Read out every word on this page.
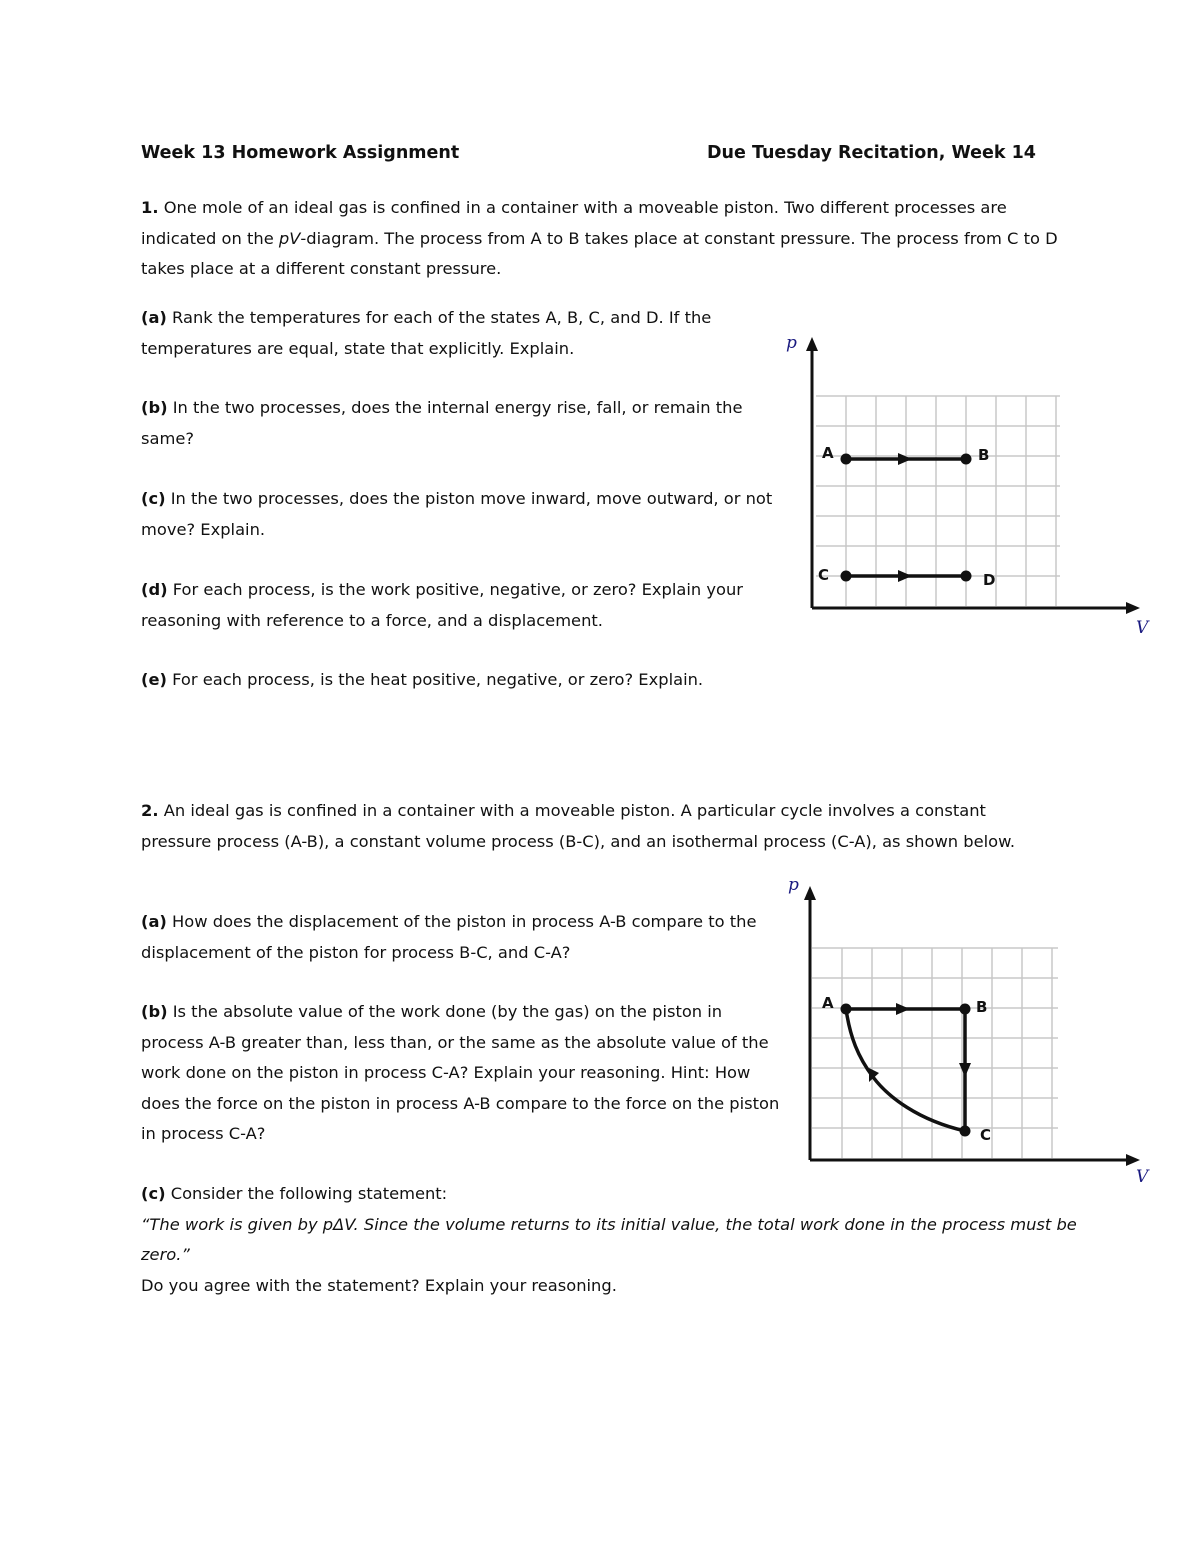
Week 13 Homework Assignment	Due Tuesday Recitation, Week 14
1. One mole of an ideal gas is confined in a container with a moveable piston. Two different processes are indicated on the pV-diagram. The process from A to B takes place at constant pressure. The process from C to D takes place at a different constant pressure.
(a) Rank the temperatures for each of the states A, B, C, and D. If the temperatures are equal, state that explicitly. Explain.
(b) In the two processes, does the internal energy rise, fall, or remain the same?
(c) In the two processes, does the piston move inward, move outward, or not move? Explain.
(d) For each process, is the work positive, negative, or zero? Explain your reasoning with reference to a force, and a displacement.
(e) For each process, is the heat positive, negative, or zero? Explain.
p
V
A	B
C	D
2. An ideal gas is confined in a container with a moveable piston. A particular cycle involves a constant pressure process (A-B), a constant volume process (B-C), and an isothermal process (C-A), as shown below.
(a) How does the displacement of the piston in process A-B compare to the displacement of the piston for process B-C, and C-A?
(b) Is the absolute value of the work done (by the gas) on the piston in process A-B greater than, less than, or the same as the absolute value of the work done on the piston in process C-A? Explain your reasoning. Hint: How does the force on the piston in process A-B compare to the force on the piston in process C-A?
(c) Consider the following statement:
“The work is given by pΔV. Since the volume returns to its initial value, the total work done in the process must be zero.”
Do you agree with the statement? Explain your reasoning.
p
V
A	B
C
